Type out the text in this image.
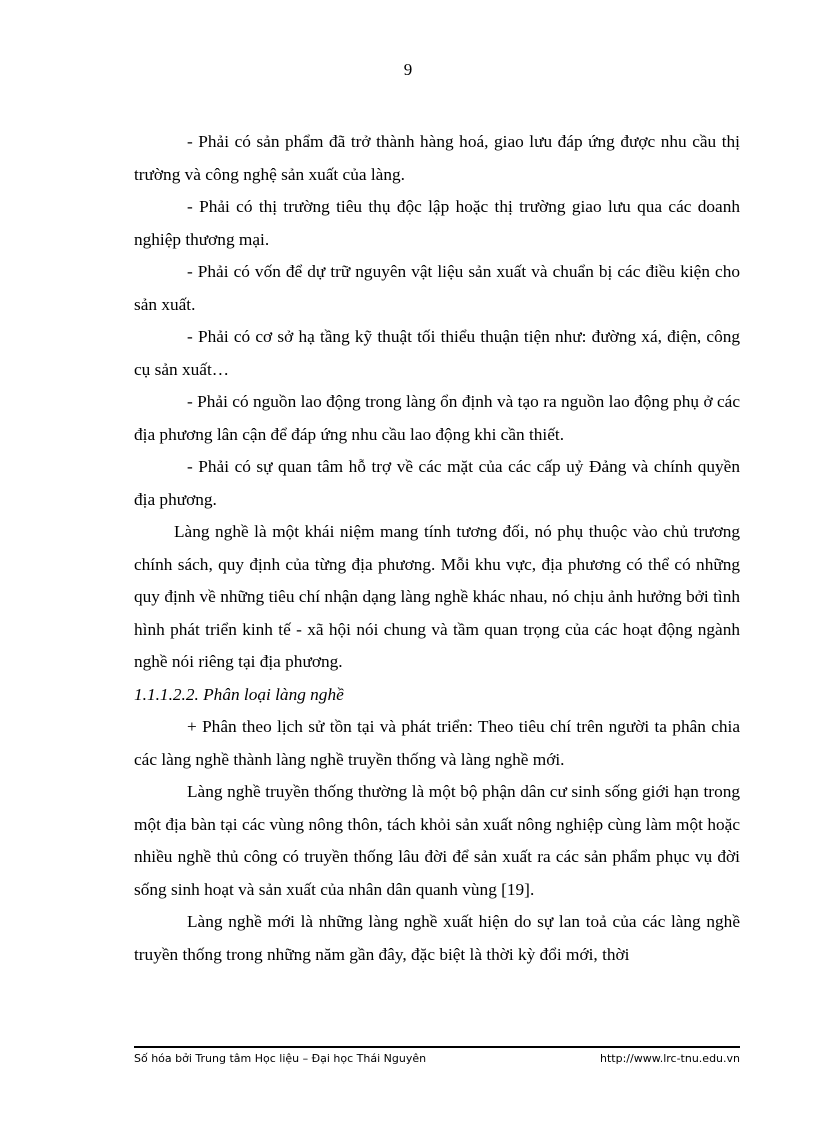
9

- Phải có sản phẩm đã trở thành hàng hoá, giao lưu đáp ứng được nhu cầu thị trường và công nghệ sản xuất của làng.

- Phải có thị trường tiêu thụ độc lập hoặc thị trường giao lưu qua các doanh nghiệp thương mại.

- Phải có vốn để dự trữ nguyên vật liệu sản xuất và chuẩn bị các điều kiện cho sản xuất.

- Phải có cơ sở hạ tầng kỹ thuật tối thiểu thuận tiện như: đường xá, điện, công cụ sản xuất…

- Phải có nguồn lao động trong làng ổn định và tạo ra nguồn lao động phụ ở các địa phương lân cận để đáp ứng nhu cầu lao động khi cần thiết.

- Phải có sự quan tâm hỗ trợ về các mặt của các cấp uỷ Đảng và chính quyền địa phương.

Làng nghề là một khái niệm mang tính tương đối, nó phụ thuộc vào chủ trương chính sách, quy định của từng địa phương. Mỗi khu vực, địa phương có thể có những quy định về những tiêu chí nhận dạng làng nghề khác nhau, nó chịu ảnh hưởng bởi tình hình phát triển kinh tế - xã hội nói chung và tầm quan trọng của các hoạt động ngành nghề nói riêng tại địa phương.

1.1.1.2.2. Phân loại làng nghề

+ Phân theo lịch sử tồn tại và phát triển: Theo tiêu chí trên người ta phân chia các làng nghề thành làng nghề truyền thống và làng nghề mới.

Làng nghề truyền thống thường là một bộ phận dân cư sinh sống giới hạn trong một địa bàn tại các vùng nông thôn, tách khỏi sản xuất nông nghiệp cùng làm một hoặc nhiều nghề thủ công có truyền thống lâu đời để sản xuất ra các sản phẩm phục vụ đời sống sinh hoạt và sản xuất của nhân dân quanh vùng [19].

Làng nghề mới là những làng nghề xuất hiện do sự lan toả của các làng nghề truyền thống trong những năm gần đây, đặc biệt là thời kỳ đổi mới, thời

Số hóa bởi Trung tâm Học liệu – Đại học Thái Nguyên	http://www.lrc-tnu.edu.vn
